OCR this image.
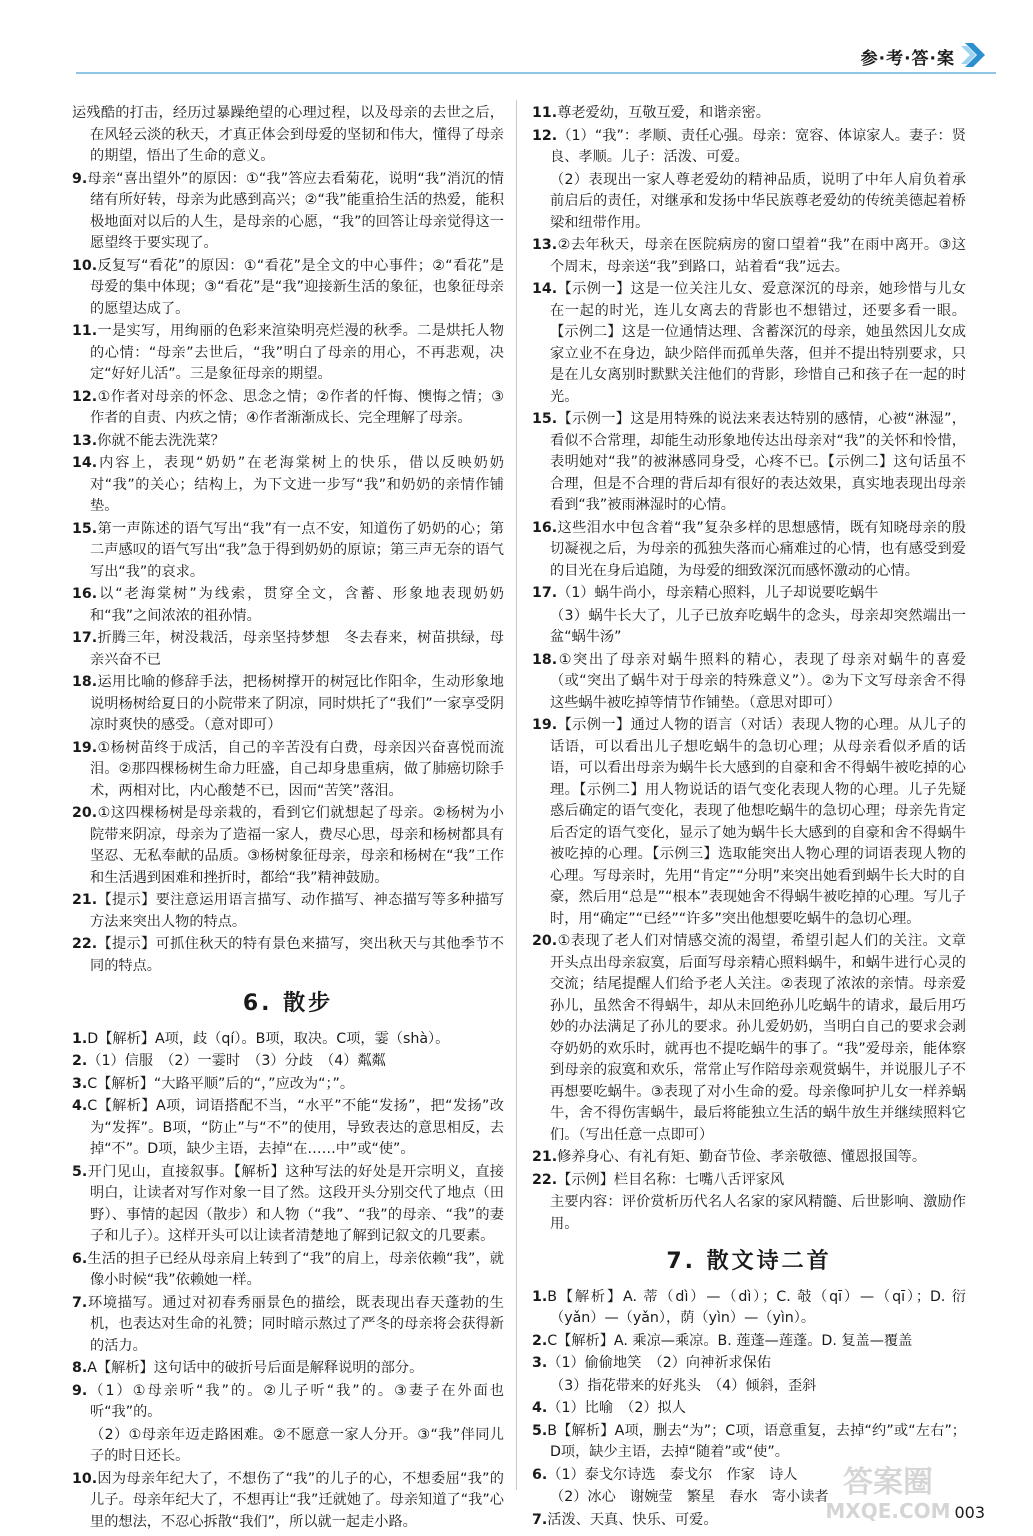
参·考·答·案
运残酷的打击，经历过暴躁绝望的心理过程，以及母亲的去世之后，在风轻云淡的秋天，才真正体会到母爱的坚韧和伟大，懂得了母亲的期望，悟出了生命的意义。
9.母亲“喜出望外”的原因：①“我”答应去看菊花，说明“我”消沉的情绪有所好转，母亲为此感到高兴；②“我”能重拾生活的热爱，能积极地面对以后的人生，是母亲的心愿，“我”的回答让母亲觉得这一愿望终于要实现了。
10.反复写“看花”的原因：①“看花”是全文的中心事件；②“看花”是母爱的集中体现；③“看花”是“我”迎接新生活的象征，也象征母亲的愿望达成了。
11.一是实写，用绚丽的色彩来渲染明亮烂漫的秋季。二是烘托人物的心情：“母亲”去世后，“我”明白了母亲的用心，不再悲观，决定“好好儿活”。三是象征母亲的期望。
12.①作者对母亲的怀念、思念之情；②作者的忏悔、懊悔之情；③作者的自责、内疚之情；④作者渐渐成长、完全理解了母亲。
13.你就不能去洗洗菜？
14.内容上，表现“奶奶”在老海棠树上的快乐，借以反映奶奶对“我”的关心；结构上，为下文进一步写“我”和奶奶的亲情作铺垫。
15.第一声陈述的语气写出“我”有一点不安，知道伤了奶奶的心；第二声感叹的语气写出“我”急于得到奶奶的原谅；第三声无奈的语气写出“我”的哀求。
16.以“老海棠树”为线索，贯穿全文，含蓄、形象地表现奶奶和“我”之间浓浓的祖孙情。
17.折腾三年，树没栽活，母亲坚持梦想　冬去春来，树苗拱绿，母亲兴奋不已
18.运用比喻的修辞手法，把杨树撑开的树冠比作阳伞，生动形象地说明杨树给夏日的小院带来了阴凉，同时烘托了“我们”一家享受阴凉时爽快的感受。（意对即可）
19.①杨树苗终于成活，自己的辛苦没有白费，母亲因兴奋喜悦而流泪。②那四棵杨树生命力旺盛，自己却身患重病，做了肺癌切除手术，两相对比，内心酸楚不已，因而“苦笑”落泪。
20.①这四棵杨树是母亲栽的，看到它们就想起了母亲。②杨树为小院带来阴凉，母亲为了造福一家人，费尽心思，母亲和杨树都具有坚忍、无私奉献的品质。③杨树象征母亲，母亲和杨树在“我”工作和生活遇到困难和挫折时，都给“我”精神鼓励。
21.【提示】要注意运用语言描写、动作描写、神态描写等多种描写方法来突出人物的特点。
22.【提示】可抓住秋天的特有景色来描写，突出秋天与其他季节不同的特点。
6. 散步
1.D【解析】A项，歧（qí）。B项，取决。C项，霎（shà）。
2.（1）信服　（2）一霎时　（3）分歧　（4）粼粼
3.C【解析】“大路平顺”后的“，”应改为“；”。
4.C【解析】A项，词语搭配不当，“水平”不能“发扬”，把“发扬”改为“发挥”。B项，“防止”与“不”的使用，导致表达的意思相反，去掉“不”。D项，缺少主语，去掉“在……中”或“使”。
5.开门见山，直接叙事。【解析】这种写法的好处是开宗明义，直接明白，让读者对写作对象一目了然。这段开头分别交代了地点（田野）、事情的起因（散步）和人物（“我”、“我”的母亲、“我”的妻子和儿子）。这样开头可以让读者清楚地了解到记叙文的几要素。
6.生活的担子已经从母亲肩上转到了“我”的肩上，母亲依赖“我”，就像小时候“我”依赖她一样。
7.环境描写。通过对初春秀丽景色的描绘，既表现出春天蓬勃的生机，也表达对生命的礼赞；同时暗示熬过了严冬的母亲将会获得新的活力。
8.A【解析】这句话中的破折号后面是解释说明的部分。
9.（1）①母亲听“我”的。②儿子听“我”的。③妻子在外面也听“我”的。
（2）①母亲年迈走路困难。②不愿意一家人分开。③“我”伴同儿子的时日还长。
10.因为母亲年纪大了，不想伤了“我”的儿子的心，不想委屈“我”的儿子。母亲年纪大了，不想再让“我”迁就她了。母亲知道了“我”心里的想法，不忍心拆散“我们”，所以就一起走小路。
11.尊老爱幼，互敬互爱，和谐亲密。
12.（1）“我”：孝顺、责任心强。母亲：宽容、体谅家人。妻子：贤良、孝顺。儿子：活泼、可爱。
（2）表现出一家人尊老爱幼的精神品质，说明了中年人肩负着承前启后的责任，对继承和发扬中华民族尊老爱幼的传统美德起着桥梁和纽带作用。
13.②去年秋天，母亲在医院病房的窗口望着“我”在雨中离开。③这个周末，母亲送“我”到路口，站着看“我”远去。
14.【示例一】这是一位关注儿女、爱意深沉的母亲，她珍惜与儿女在一起的时光，连儿女离去的背影也不想错过，还要多看一眼。【示例二】这是一位通情达理、含蓄深沉的母亲，她虽然因儿女成家立业不在身边，缺少陪伴而孤单失落，但并不提出特别要求，只是在儿女离别时默默关注他们的背影，珍惜自己和孩子在一起的时光。
15.【示例一】这是用特殊的说法来表达特别的感情，心被“淋湿”，看似不合常理，却能生动形象地传达出母亲对“我”的关怀和怜惜，表明她对“我”的被淋感同身受，心疼不已。【示例二】这句话虽不合理，但是不合理的背后却有很好的表达效果，真实地表现出母亲看到“我”被雨淋湿时的心情。
16.这些泪水中包含着“我”复杂多样的思想感情，既有知晓母亲的殷切凝视之后，为母亲的孤独失落而心痛难过的心情，也有感受到爱的目光在身后追随，为母爱的细致深沉而感怀激动的心情。
17.（1）蜗牛尚小，母亲精心照料，儿子却说要吃蜗牛
（3）蜗牛长大了，儿子已放弃吃蜗牛的念头，母亲却突然端出一盆“蜗牛汤”
18.①突出了母亲对蜗牛照料的精心，表现了母亲对蜗牛的喜爱（或“突出了蜗牛对于母亲的特殊意义”）。②为下文写母亲舍不得这些蜗牛被吃掉等情节作铺垫。（意思对即可）
19.【示例一】通过人物的语言（对话）表现人物的心理。从儿子的话语，可以看出儿子想吃蜗牛的急切心理；从母亲看似矛盾的话语，可以看出母亲为蜗牛长大感到的自豪和舍不得蜗牛被吃掉的心理。【示例二】用人物说话的语气变化表现人物的心理。儿子先疑惑后确定的语气变化，表现了他想吃蜗牛的急切心理；母亲先肯定后否定的语气变化，显示了她为蜗牛长大感到的自豪和舍不得蜗牛被吃掉的心理。【示例三】选取能突出人物心理的词语表现人物的心理。写母亲时，先用“肯定”“分明”来突出她看到蜗牛长大时的自豪，然后用“总是”“根本”表现她舍不得蜗牛被吃掉的心理。写儿子时，用“确定”“已经”“许多”突出他想要吃蜗牛的急切心理。
20.①表现了老人们对情感交流的渴望，希望引起人们的关注。文章开头点出母亲寂寞，后面写母亲精心照料蜗牛，和蜗牛进行心灵的交流；结尾提醒人们给予老人关注。②表现了浓浓的亲情。母亲爱孙儿，虽然舍不得蜗牛，却从未回绝孙儿吃蜗牛的请求，最后用巧妙的办法满足了孙儿的要求。孙儿爱奶奶，当明白自己的要求会剥夺奶奶的欢乐时，就再也不提吃蜗牛的事了。“我”爱母亲，能体察到母亲的寂寞和欢乐，常常止写作陪母亲观赏蜗牛，并说服儿子不再想要吃蜗牛。③表现了对小生命的爱。母亲像呵护儿女一样养蜗牛，舍不得伤害蜗牛，最后将能独立生活的蜗牛放生并继续照料它们。（写出任意一点即可）
21.修养身心、有礼有矩、勤奋节俭、孝亲敬德、懂恩报国等。
22.【示例】栏目名称：七嘴八舌评家风
主要内容：评价赏析历代名人名家的家风精髓、后世影响、激励作用。
7. 散文诗二首
1.B【解析】A. 蒂（dì）—（dì）；C. 攲（qī）—（qī）；D. 衍（yǎn）—（yǎn），荫（yìn）—（yìn）。
2.C【解析】A. 乘凉—乘凉。B. 莲蓬—莲蓬。D. 复盖—覆盖
3.（1）偷偷地笑　（2）向神祈求保佑
（3）指花带来的好兆头　（4）倾斜，歪斜
4.（1）比喻　（2）拟人
5.B【解析】A项，删去“为”；C项，语意重复，去掉“约”或“左右”；D项，缺少主语，去掉“随着”或“使”。
6.（1）泰戈尔诗选　泰戈尔　作家　诗人
（2）冰心　谢婉莹　繁星　春水　寄小读者
7.活泼、天真、快乐、可爱。
答案圈
MXQE.COM 003
